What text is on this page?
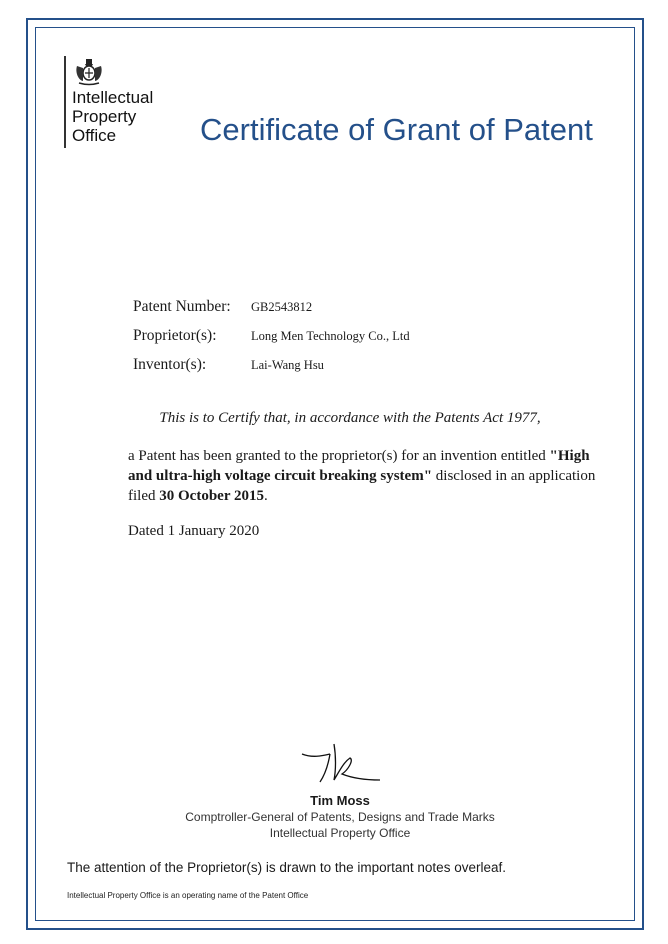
Intellectual
Property
Office	Certificate of Grant of Patent
Patent Number: GB2543812
Proprietor(s):	Long Men Technology Co., Ltd
Inventor(s):	Lai-Wang Hsu
This is to Certify that, in accordance with the Patents Act 1977,
a Patent has been granted to the proprietor(s) for an invention entitled "High and ultra-high voltage circuit breaking system" disclosed in an application filed 30 October 2015.
Dated 1 January 2020
Tim Moss
Comptroller-General of Patents, Designs and Trade Marks
Intellectual Property Office
The attention of the Proprietor(s) is drawn to the important notes overleaf.
Intellectual Property Office is an operating name of the Patent Office
